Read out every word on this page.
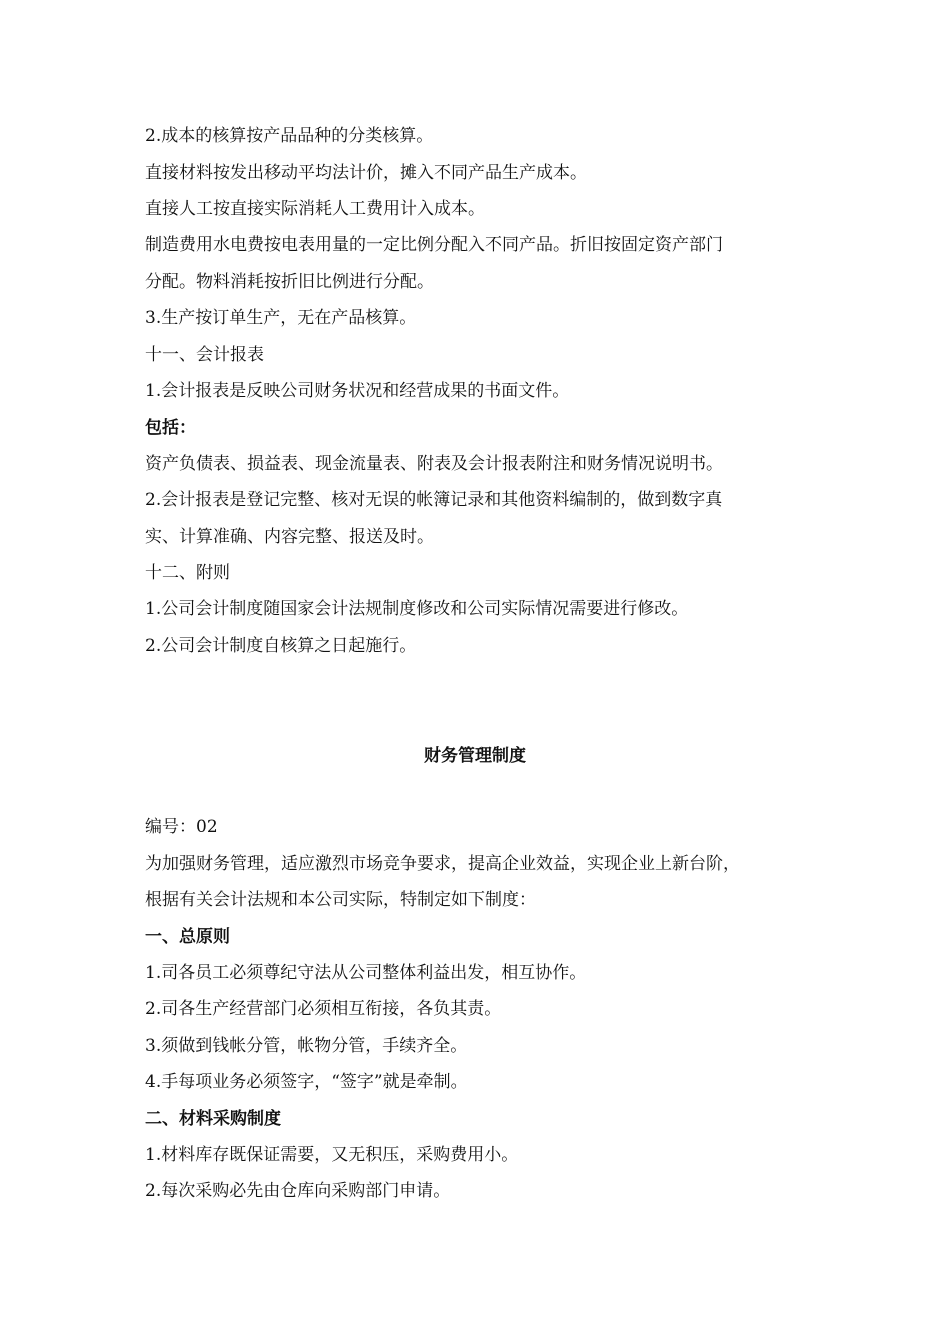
2.成本的核算按产品品种的分类核算。

直接材料按发出移动平均法计价，摊入不同产品生产成本。

直接人工按直接实际消耗人工费用计入成本。

制造费用水电费按电表用量的一定比例分配入不同产品。折旧按固定资产部门

分配。物料消耗按折旧比例进行分配。

3.生产按订单生产，无在产品核算。

十一、会计报表

1.会计报表是反映公司财务状况和经营成果的书面文件。

包括：

资产负债表、损益表、现金流量表、附表及会计报表附注和财务情况说明书。

2.会计报表是登记完整、核对无误的帐簿记录和其他资料编制的，做到数字真

实、计算准确、内容完整、报送及时。

十二、附则

1.公司会计制度随国家会计法规制度修改和公司实际情况需要进行修改。

2.公司会计制度自核算之日起施行。

财务管理制度

编号：02

为加强财务管理，适应激烈市场竞争要求，提高企业效益，实现企业上新台阶，

根据有关会计法规和本公司实际，特制定如下制度：

一、总原则

1.司各员工必须尊纪守法从公司整体利益出发，相互协作。

2.司各生产经营部门必须相互衔接，各负其责。

3.须做到钱帐分管，帐物分管，手续齐全。

4.手每项业务必须签字，“签字”就是牵制。

二、材料采购制度

1.材料库存既保证需要，又无积压，采购费用小。

2.每次采购必先由仓库向采购部门申请。
